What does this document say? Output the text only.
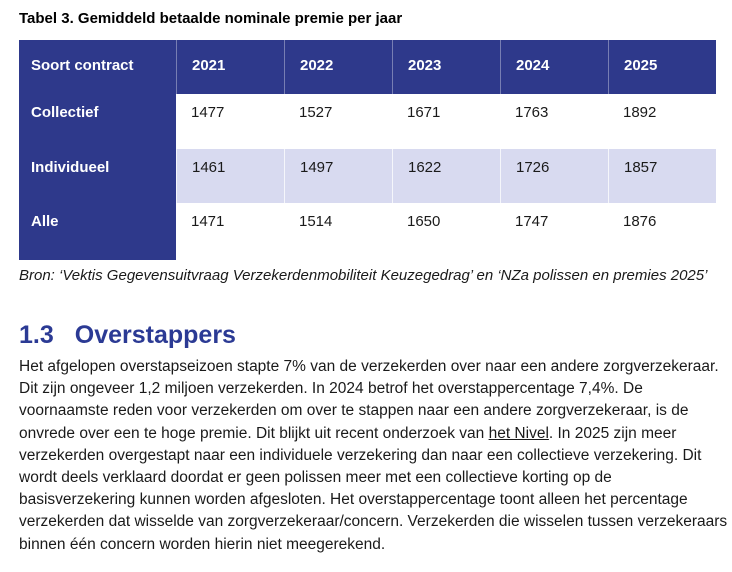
Tabel 3. Gemiddeld betaalde nominale premie per jaar
Soort contract	2021	2022	2023	2024	2025
Collectief	1477	1527	1671	1763	1892
Individueel	1461	1497	1622	1726	1857
Alle	1471	1514	1650	1747	1876
Bron: ‘Vektis Gegevensuitvraag Verzekerdenmobiliteit Keuzegedrag’ en ‘NZa polissen en premies 2025’
1.3 Overstappers

Het afgelopen overstapseizoen stapte 7% van de verzekerden over naar een andere zorgverzekeraar. Dit zijn ongeveer 1,2 miljoen verzekerden. In 2024 betrof het overstappercentage 7,4%. De voornaamste reden voor verzekerden om over te stappen naar een andere zorgverzekeraar, is de onvrede over een te hoge premie. Dit blijkt uit recent onderzoek van het Nivel. In 2025 zijn meer verzekerden overgestapt naar een individuele verzekering dan naar een collectieve verzekering. Dit wordt deels verklaard doordat er geen polissen meer met een collectieve korting op de basisverzekering kunnen worden afgesloten. Het overstappercentage toont alleen het percentage verzekerden dat wisselde van zorgverzekeraar/concern. Verzekerden die wisselen tussen verzekeraars binnen één concern worden hierin niet meegerekend.
